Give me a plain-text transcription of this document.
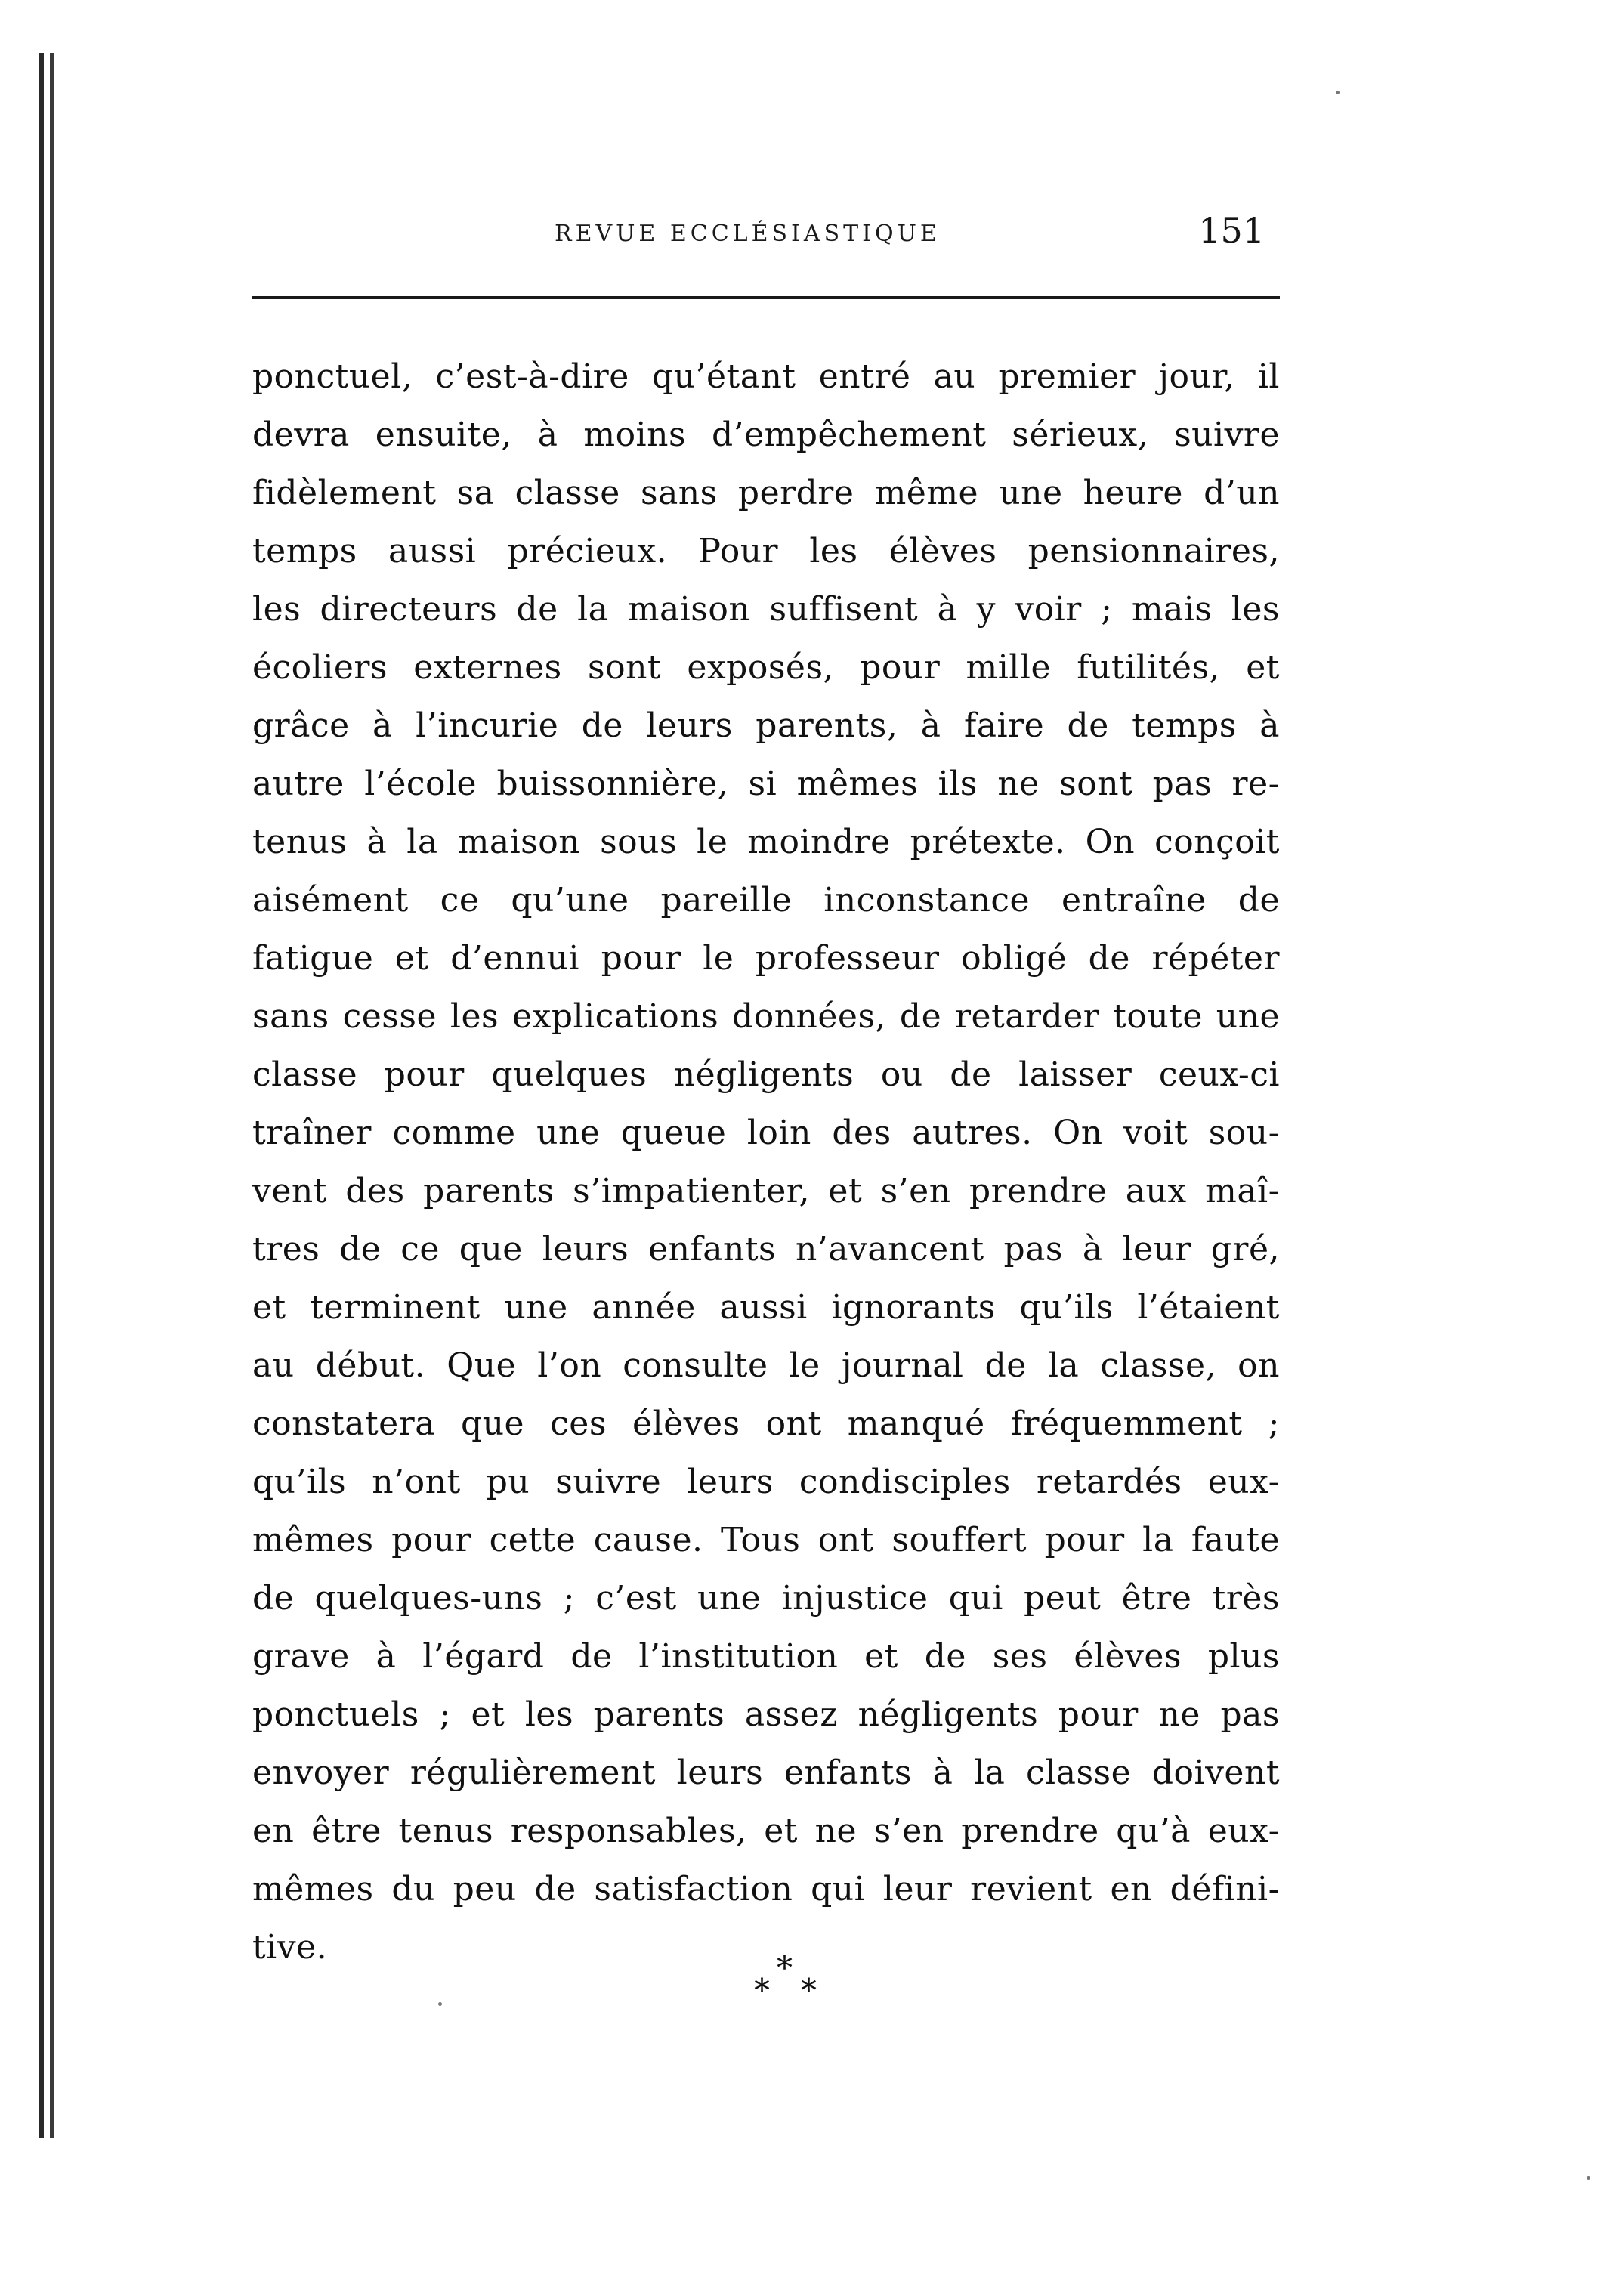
REVUE ECCLÉSIASTIQUE	151
ponctuel, c’est-à-dire qu’étant entré au premier jour, il
devra ensuite, à moins d’empêchement sérieux, suivre
fidèlement sa classe sans perdre même une heure d’un
temps aussi précieux. Pour les élèves pensionnaires,
les directeurs de la maison suffisent à y voir ; mais les
écoliers externes sont exposés, pour mille futilités, et
grâce à l’incurie de leurs parents, à faire de temps à
autre l’école buissonnière, si mêmes ils ne sont pas re-
tenus à la maison sous le moindre prétexte. On conçoit
aisément ce qu’une pareille inconstance entraîne de
fatigue et d’ennui pour le professeur obligé de répéter
sans cesse les explications données, de retarder toute une
classe pour quelques négligents ou de laisser ceux-ci
traîner comme une queue loin des autres. On voit sou-
vent des parents s’impatienter, et s’en prendre aux maî-
tres de ce que leurs enfants n’avancent pas à leur gré,
et terminent une année aussi ignorants qu’ils l’étaient
au début. Que l’on consulte le journal de la classe, on
constatera que ces élèves ont manqué fréquemment ;
qu’ils n’ont pu suivre leurs condisciples retardés eux-
mêmes pour cette cause. Tous ont souffert pour la faute
de quelques-uns ; c’est une injustice qui peut être très
grave à l’égard de l’institution et de ses élèves plus
ponctuels ; et les parents assez négligents pour ne pas
envoyer régulièrement leurs enfants à la classe doivent
en être tenus responsables, et ne s’en prendre qu’à eux-
mêmes du peu de satisfaction qui leur revient en défini-
tive.
*
* *
